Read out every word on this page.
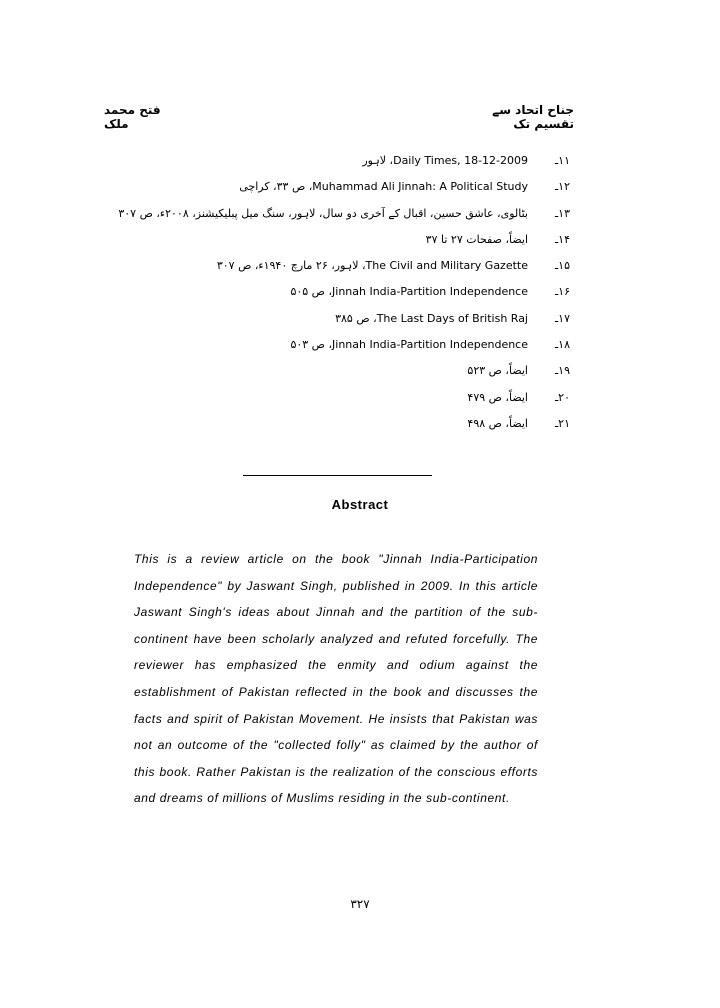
جناح اتحاد سے تقسیم تک
فتح محمد ملک
۱۱ـ
Daily Times, 18-12-2009، لاہور
۱۲ـ
Muhammad Ali Jinnah: A Political Study، ص ۳۳، کراچی
۱۳ـ
بٹالوی، عاشق حسین، اقبال کے آخری دو سال، لاہور، سنگ میل پبلیکیشنز، ۲۰۰۸ء، ص ۳۰۷
۱۴ـ
ایضاً، صفحات ۲۷ تا ۳۷
۱۵ـ
The Civil and Military Gazette، لاہور، ۲۶ مارچ ۱۹۴۰ء، ص ۳۰۷
۱۶ـ
Jinnah India-Partition Independence، ص ۵۰۵
۱۷ـ
The Last Days of British Raj، ص ۳۸۵
۱۸ـ
Jinnah India-Partition Independence، ص ۵۰۳
۱۹ـ
ایضاً، ص ۵۲۳
۲۰ـ
ایضاً، ص ۴۷۹
۲۱ـ
ایضاً، ص ۴۹۸
Abstract

This is a review article on the book "Jinnah India-Participation Independence" by Jaswant Singh, published in 2009. In this article Jaswant Singh's ideas about Jinnah and the partition of the sub-continent have been scholarly analyzed and refuted forcefully. The reviewer has emphasized the enmity and odium against the establishment of Pakistan reflected in the book and discusses the facts and spirit of Pakistan Movement. He insists that Pakistan was not an outcome of the "collected folly" as claimed by the author of this book. Rather Pakistan is the realization of the conscious efforts and dreams of millions of Muslims residing in the sub-continent.

۳۲۷
